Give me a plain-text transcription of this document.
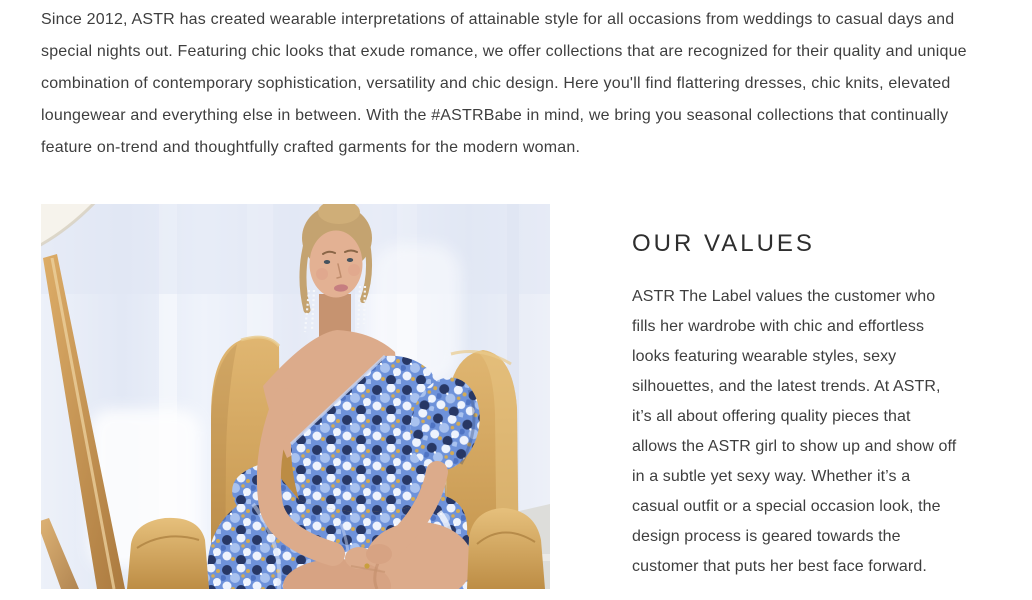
Since 2012, ASTR has created wearable interpretations of attainable style for all occasions from weddings to casual days and special nights out. Featuring chic looks that exude romance, we offer collections that are recognized for their quality and unique combination of contemporary sophistication, versatility and chic design. Here you'll find flattering dresses, chic knits, elevated loungewear and everything else in between. With the #ASTRBabe in mind, we bring you seasonal collections that continually feature on-trend and thoughtfully crafted garments for the modern woman.

OUR VALUES

ASTR The Label values the customer who fills her wardrobe with chic and effortless looks featuring wearable styles, sexy silhouettes, and the latest trends. At ASTR, it’s all about offering quality pieces that allows the ASTR girl to show up and show off in a subtle yet sexy way. Whether it’s a casual outfit or a special occasion look, the design process is geared towards the customer that puts her best face forward.
